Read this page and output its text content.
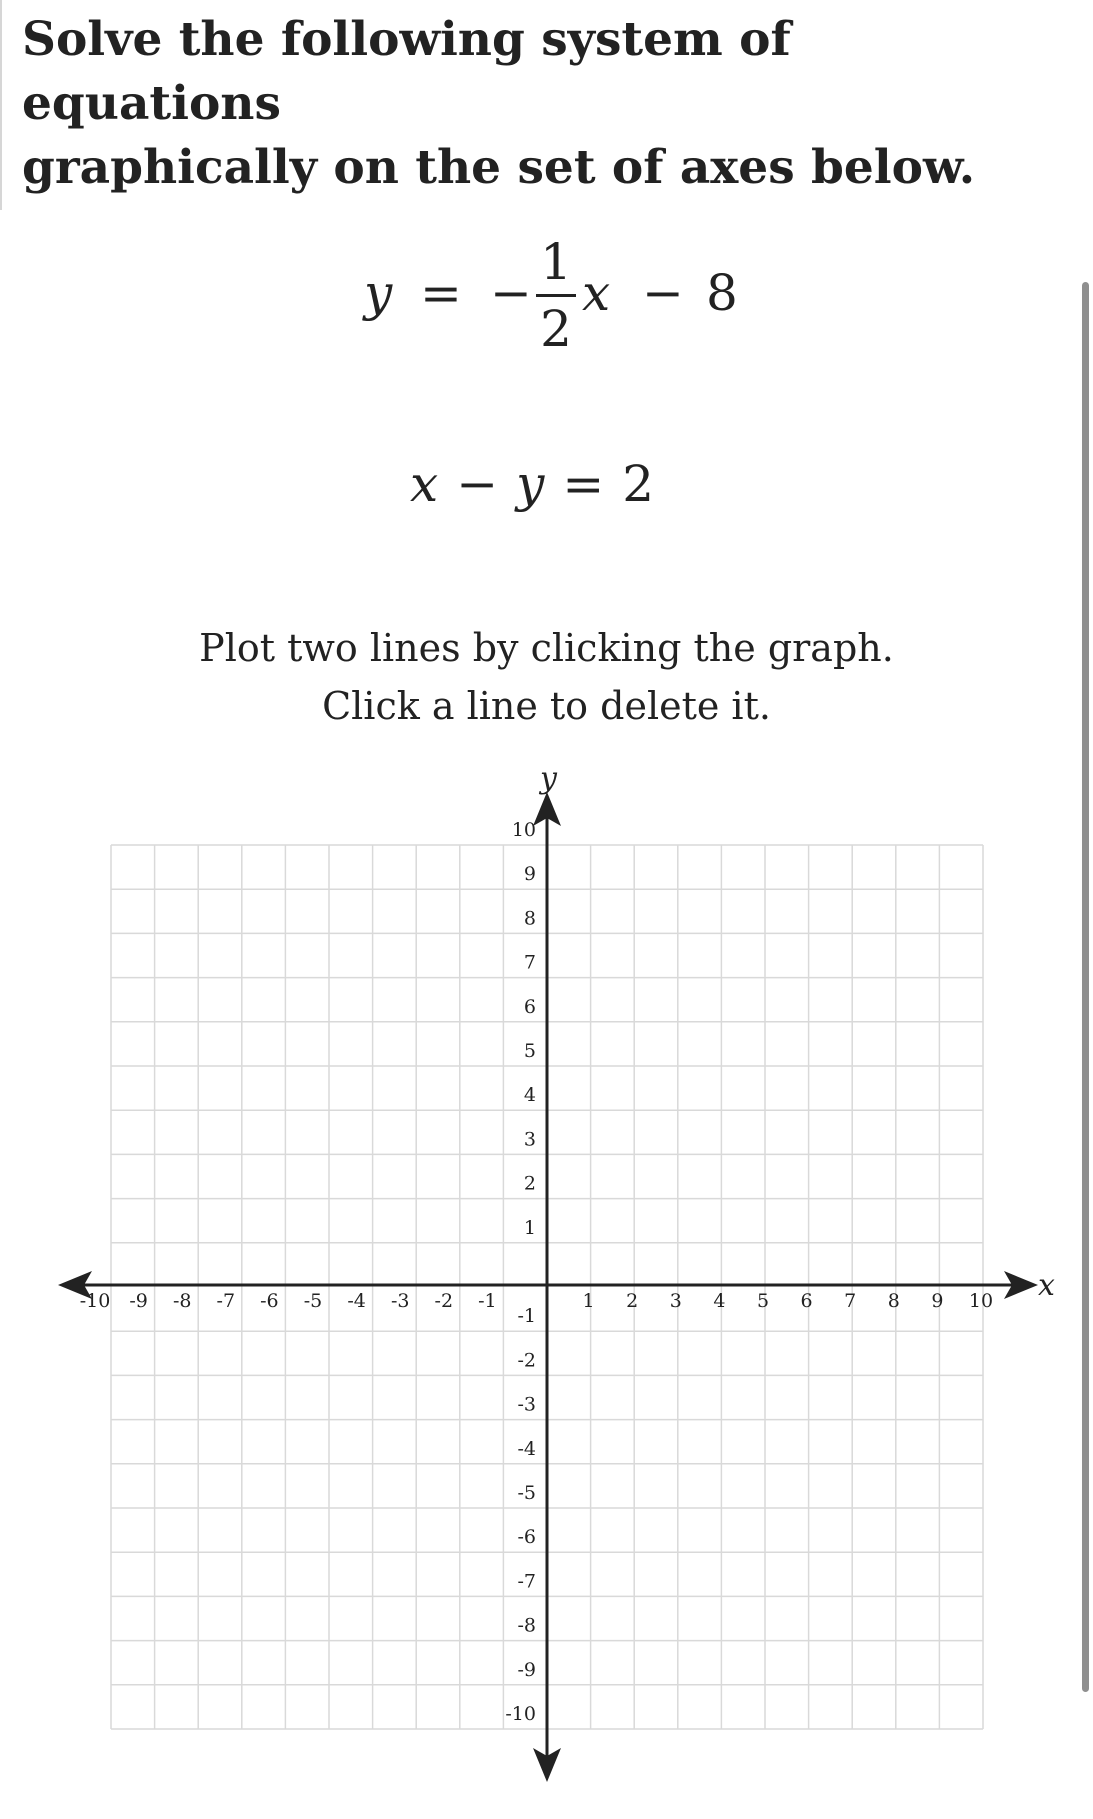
Solve the following system of equations
graphically on the set of axes below.
y = −
1
2
x − 8
x − y = 2

Plot two lines by clicking the graph.

Click a line to delete it.

x
y
-10 -9 -8 -7 -6 -5 -4 -3 -2 -1	1 2 3 4 5 6 7 8 9 10
10
9
8
7
6
5
4
3
2
1
-1
-2
-3
-4
-5
-6
-7
-8
-9
-10
